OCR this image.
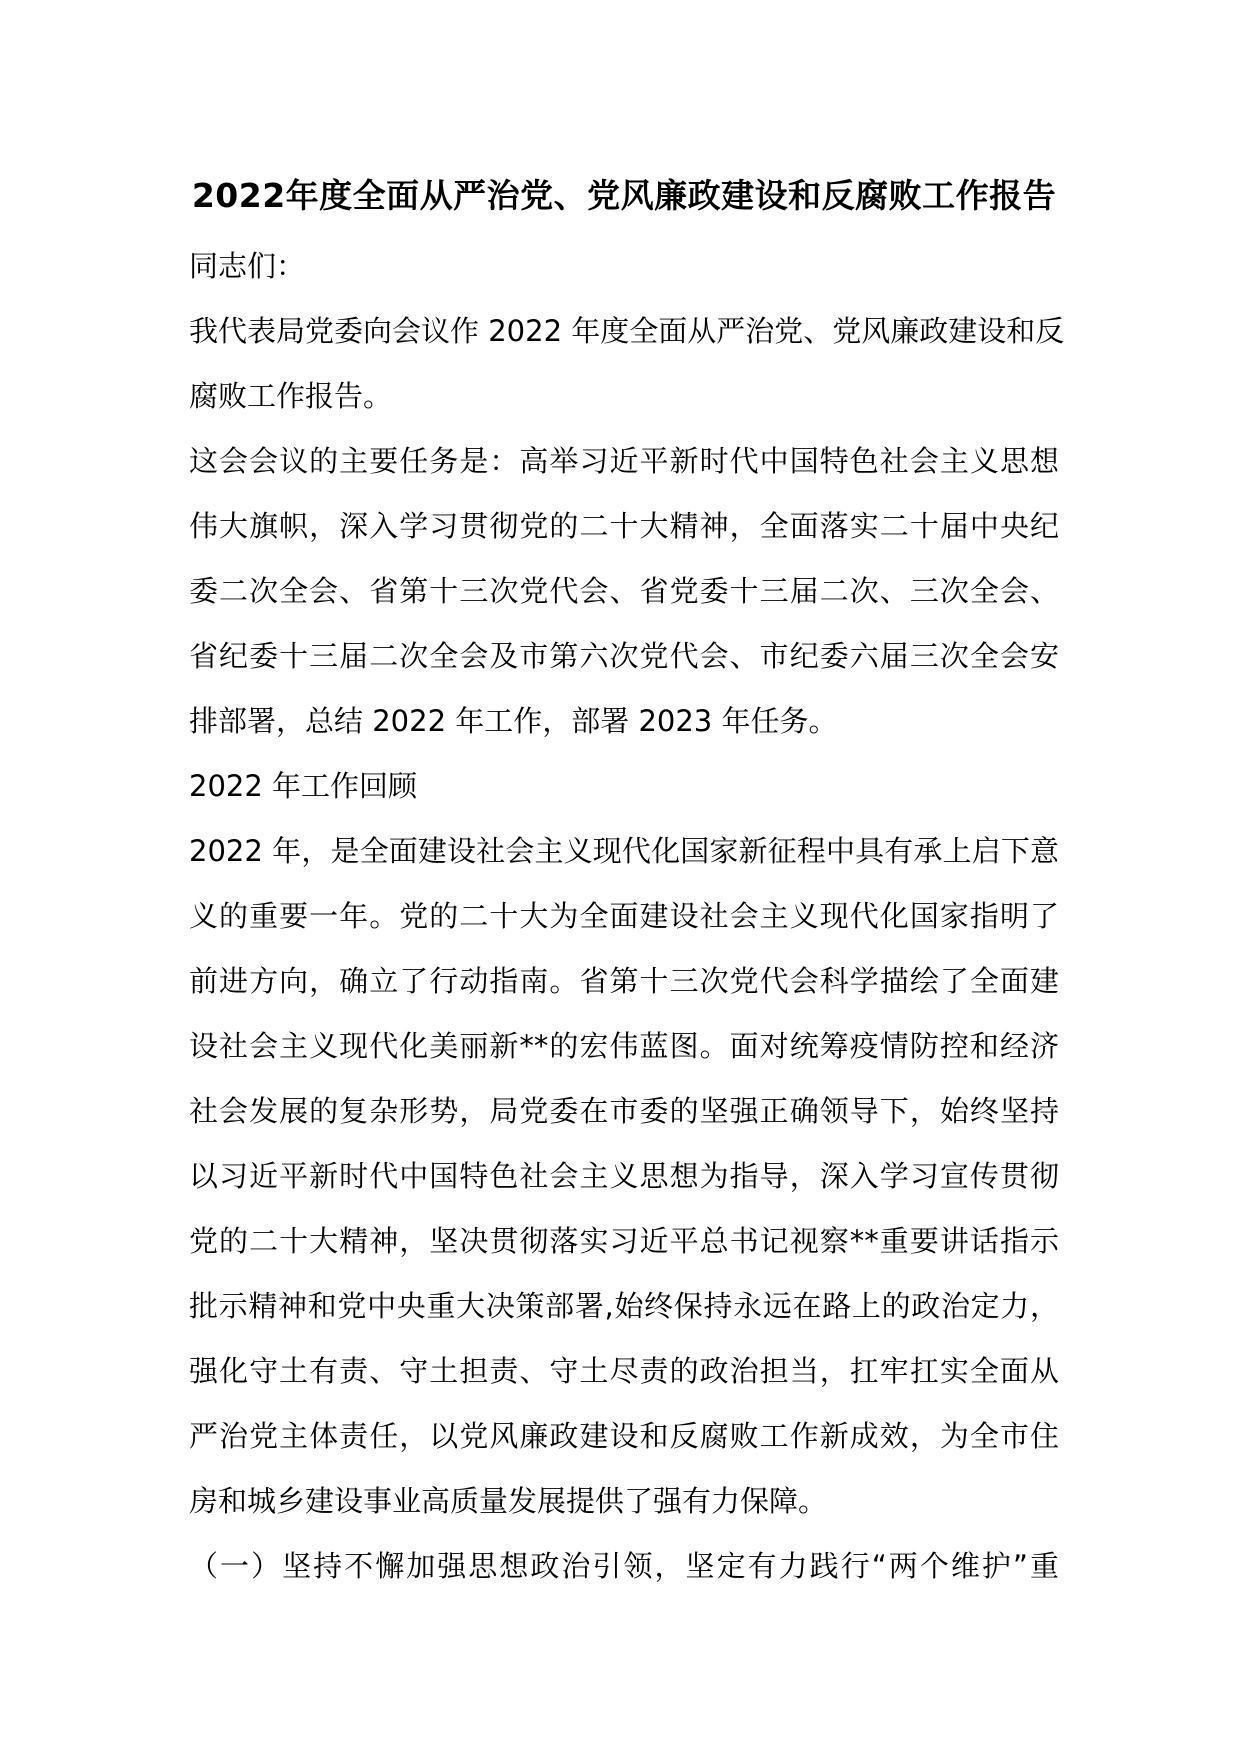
2022年度全面从严治党、党风廉政建设和反腐败工作报告
同志们：
我代表局党委向会议作 2022 年度全面从严治党、党风廉政建设和反
腐败工作报告。
这会会议的主要任务是：高举习近平新时代中国特色社会主义思想
伟大旗帜，深入学习贯彻党的二十大精神，全面落实二十届中央纪
委二次全会、省第十三次党代会、省党委十三届二次、三次全会、
省纪委十三届二次全会及市第六次党代会、市纪委六届三次全会安
排部署，总结 2022 年工作，部署 2023 年任务。
2022 年工作回顾
2022 年，是全面建设社会主义现代化国家新征程中具有承上启下意
义的重要一年。党的二十大为全面建设社会主义现代化国家指明了
前进方向，确立了行动指南。省第十三次党代会科学描绘了全面建
设社会主义现代化美丽新**的宏伟蓝图。面对统筹疫情防控和经济
社会发展的复杂形势，局党委在市委的坚强正确领导下，始终坚持
以习近平新时代中国特色社会主义思想为指导，深入学习宣传贯彻
党的二十大精神，坚决贯彻落实习近平总书记视察**重要讲话指示
批示精神和党中央重大决策部署,始终保持永远在路上的政治定力，
强化守土有责、守土担责、守土尽责的政治担当，扛牢扛实全面从
严治党主体责任，以党风廉政建设和反腐败工作新成效，为全市住
房和城乡建设事业高质量发展提供了强有力保障。
（一）坚持不懈加强思想政治引领，坚定有力践行“两个维护”重
